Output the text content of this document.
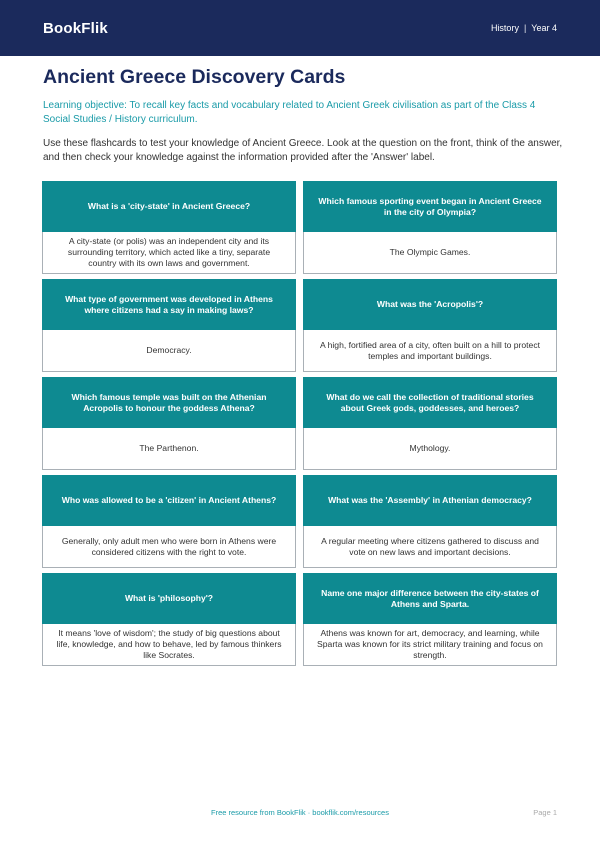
BookFlik	History | Year 4
Ancient Greece Discovery Cards

Learning objective: To recall key facts and vocabulary related to Ancient Greek civilisation as part of the Class 4 Social Studies / History curriculum.

Use these flashcards to test your knowledge of Ancient Greece. Look at the question on the front, think of the answer, and then check your knowledge against the information provided after the 'Answer' label.

What is a 'city-state' in Ancient Greece?
A city-state (or polis) was an independent city and its surrounding territory, which acted like a tiny, separate country with its own laws and government.
Which famous sporting event began in Ancient Greece in the city of Olympia?
The Olympic Games.
What type of government was developed in Athens where citizens had a say in making laws?
Democracy.
What was the 'Acropolis'?
A high, fortified area of a city, often built on a hill to protect temples and important buildings.
Which famous temple was built on the Athenian Acropolis to honour the goddess Athena?
The Parthenon.
What do we call the collection of traditional stories about Greek gods, goddesses, and heroes?
Mythology.
Who was allowed to be a 'citizen' in Ancient Athens?
Generally, only adult men who were born in Athens were considered citizens with the right to vote.
What was the 'Assembly' in Athenian democracy?
A regular meeting where citizens gathered to discuss and vote on new laws and important decisions.
What is 'philosophy'?
It means 'love of wisdom'; the study of big questions about life, knowledge, and how to behave, led by famous thinkers like Socrates.
Name one major difference between the city-states of Athens and Sparta.
Athens was known for art, democracy, and learning, while Sparta was known for its strict military training and focus on strength.
Free resource from BookFlik · bookflik.com/resources	Page 1
